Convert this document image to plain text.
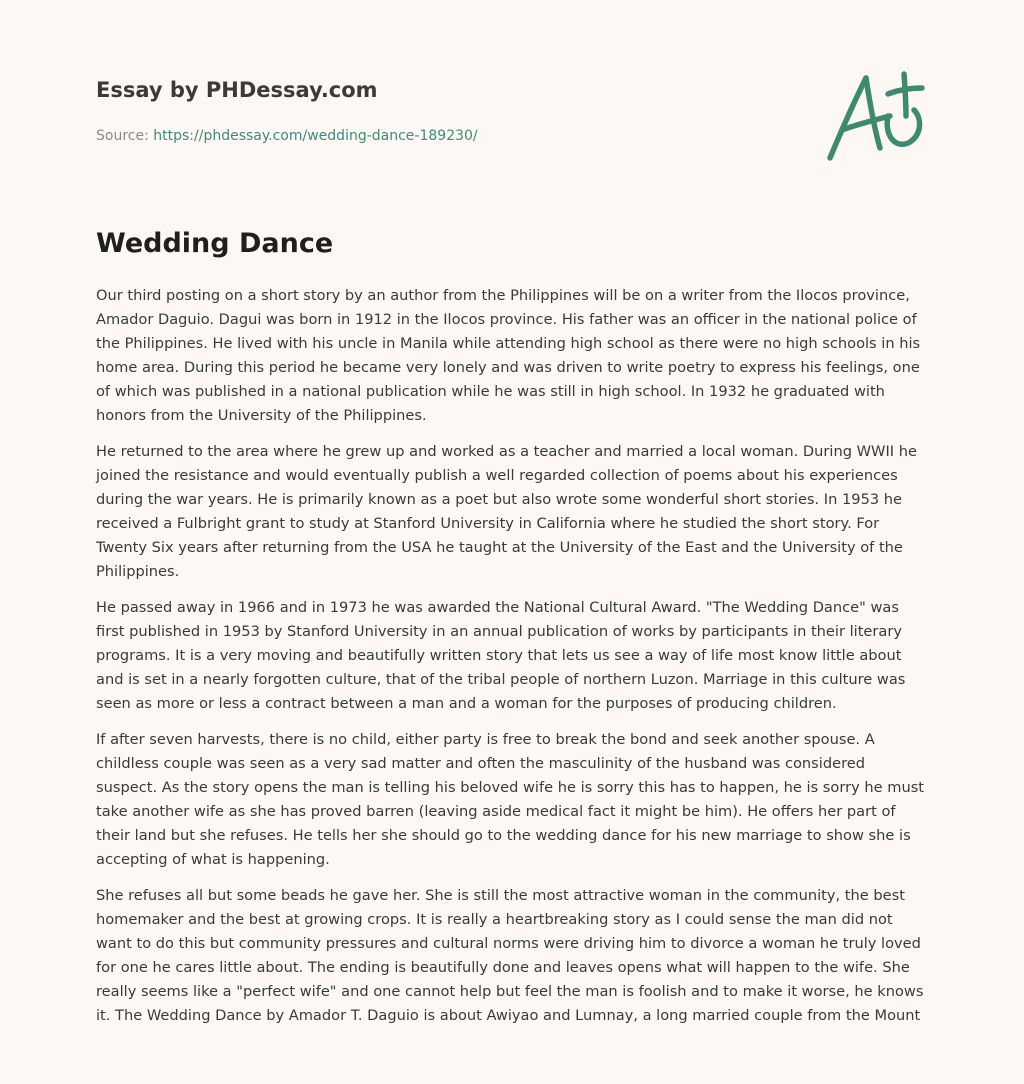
Essay by PHDessay.com
Source: https://phdessay.com/wedding-dance-189230/
Wedding Dance

Our third posting on a short story by an author from the Philippines will be on a writer from the Ilocos province, Amador Daguio. Dagui was born in 1912 in the Ilocos province. His father was an officer in the national police of the Philippines. He lived with his uncle in Manila while attending high school as there were no high schools in his home area. During this period he became very lonely and was driven to write poetry to express his feelings, one of which was published in a national publication while he was still in high school. In 1932 he graduated with honors from the University of the Philippines.

He returned to the area where he grew up and worked as a teacher and married a local woman. During WWII he joined the resistance and would eventually publish a well regarded collection of poems about his experiences during the war years. He is primarily known as a poet but also wrote some wonderful short stories. In 1953 he received a Fulbright grant to study at Stanford University in California where he studied the short story. For Twenty Six years after returning from the USA he taught at the University of the East and the University of the Philippines.

He passed away in 1966 and in 1973 he was awarded the National Cultural Award. "The Wedding Dance" was first published in 1953 by Stanford University in an annual publication of works by participants in their literary programs. It is a very moving and beautifully written story that lets us see a way of life most know little about and is set in a nearly forgotten culture, that of the tribal people of northern Luzon. Marriage in this culture was seen as more or less a contract between a man and a woman for the purposes of producing children.

If after seven harvests, there is no child, either party is free to break the bond and seek another spouse. A childless couple was seen as a very sad matter and often the masculinity of the husband was considered suspect. As the story opens the man is telling his beloved wife he is sorry this has to happen, he is sorry he must take another wife as she has proved barren (leaving aside medical fact it might be him). He offers her part of their land but she refuses. He tells her she should go to the wedding dance for his new marriage to show she is accepting of what is happening.

She refuses all but some beads he gave her. She is still the most attractive woman in the community, the best homemaker and the best at growing crops. It is really a heartbreaking story as I could sense the man did not want to do this but community pressures and cultural norms were driving him to divorce a woman he truly loved for one he cares little about. The ending is beautifully done and leaves opens what will happen to the wife. She really seems like a "perfect wife" and one cannot help but feel the man is foolish and to make it worse, he knows it. The Wedding Dance by Amador T. Daguio is about Awiyao and Lumnay, a long married couple from the Mount
